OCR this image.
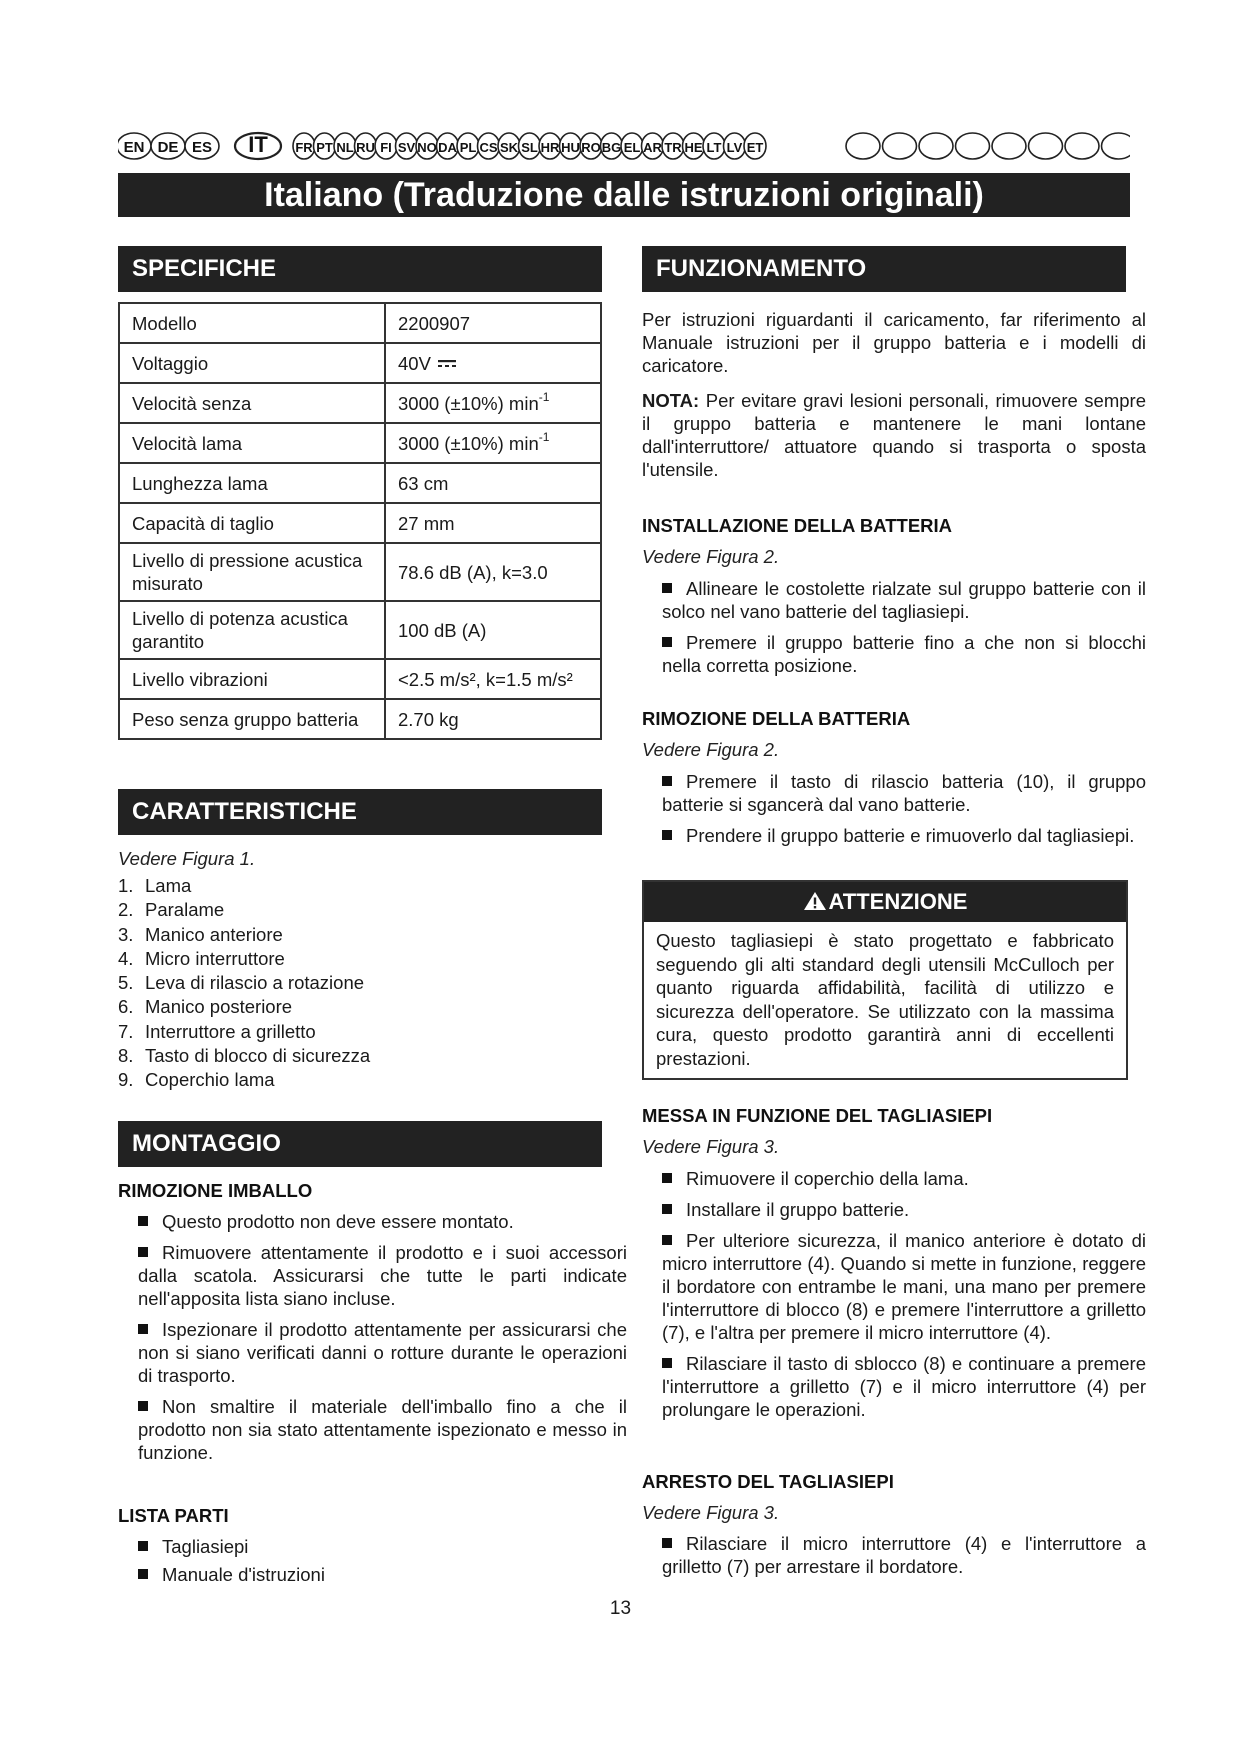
EN DE ES IT FR PT NL RU FI SV NO DA PL CS SK SL HR HU RO BG EL AR TR HE LT LV ET
Italiano (Traduzione dalle istruzioni originali)
SPECIFICHE
Modello	2200907
Voltaggio	40V
Velocità senza	3000 (±10%) $\min^{-1}$
Velocità lama	3000 (±10%) $\min^{-1}$
Lunghezza lama	63 cm
Capacità di taglio	27 mm
Livello di pressione acustica misurato	78.6 dB (A), k=3.0
Livello di potenza acustica garantito	100 dB (A)
Livello vibrazioni	<2.5 m/s², k=1.5 m/s²
Peso senza gruppo batteria	2.70 kg
CARATTERISTICHE
Vedere Figura 1.
1. Lama
2. Paralame
3. Manico anteriore
4. Micro interruttore
5. Leva di rilascio a rotazione
6. Manico posteriore
7. Interruttore a grilletto
8. Tasto di blocco di sicurezza
9. Coperchio lama
MONTAGGIO
RIMOZIONE IMBALLO
Questo prodotto non deve essere montato.
Rimuovere attentamente il prodotto e i suoi accessori dalla scatola. Assicurarsi che tutte le parti indicate nell'apposita lista siano incluse.
Ispezionare il prodotto attentamente per assicurarsi che non si siano verificati danni o rotture durante le operazioni di trasporto.
Non smaltire il materiale dell'imballo fino a che il prodotto non sia stato attentamente ispezionato e messo in funzione.
LISTA PARTI
Tagliasiepi
Manuale d'istruzioni
FUNZIONAMENTO
Per istruzioni riguardanti il caricamento, far riferimento al Manuale istruzioni per il gruppo batteria e i modelli di caricatore.
NOTA: Per evitare gravi lesioni personali, rimuovere sempre il gruppo batteria e mantenere le mani lontane dall'interruttore/ attuatore quando si trasporta o sposta l'utensile.
INSTALLAZIONE DELLA BATTERIA
Vedere Figura 2.
Allineare le costolette rialzate sul gruppo batterie con il solco nel vano batterie del tagliasiepi.
Premere il gruppo batterie fino a che non si blocchi nella corretta posizione.
RIMOZIONE DELLA BATTERIA
Vedere Figura 2.
Premere il tasto di rilascio batteria (10), il gruppo batterie si sgancerà dal vano batterie.
Prendere il gruppo batterie e rimuoverlo dal tagliasiepi.
ATTENZIONE
Questo tagliasiepi è stato progettato e fabbricato seguendo gli alti standard degli utensili McCulloch per quanto riguarda affidabilità, facilità di utilizzo e sicurezza dell'operatore. Se utilizzato con la massima cura, questo prodotto garantirà anni di eccellenti prestazioni.
MESSA IN FUNZIONE DEL TAGLIASIEPI
Vedere Figura 3.
Rimuovere il coperchio della lama.
Installare il gruppo batterie.
Per ulteriore sicurezza, il manico anteriore è dotato di micro interruttore (4). Quando si mette in funzione, reggere il bordatore con entrambe le mani, una mano per premere l'interruttore di blocco (8) e premere l'interruttore a grilletto (7), e l'altra per premere il micro interruttore (4).
Rilasciare il tasto di sblocco (8) e continuare a premere l'interruttore a grilletto (7) e il micro interruttore (4) per prolungare le operazioni.
ARRESTO DEL TAGLIASIEPI
Vedere Figura 3.
Rilasciare il micro interruttore (4) e l'interruttore a grilletto (7) per arrestare il bordatore.
13
